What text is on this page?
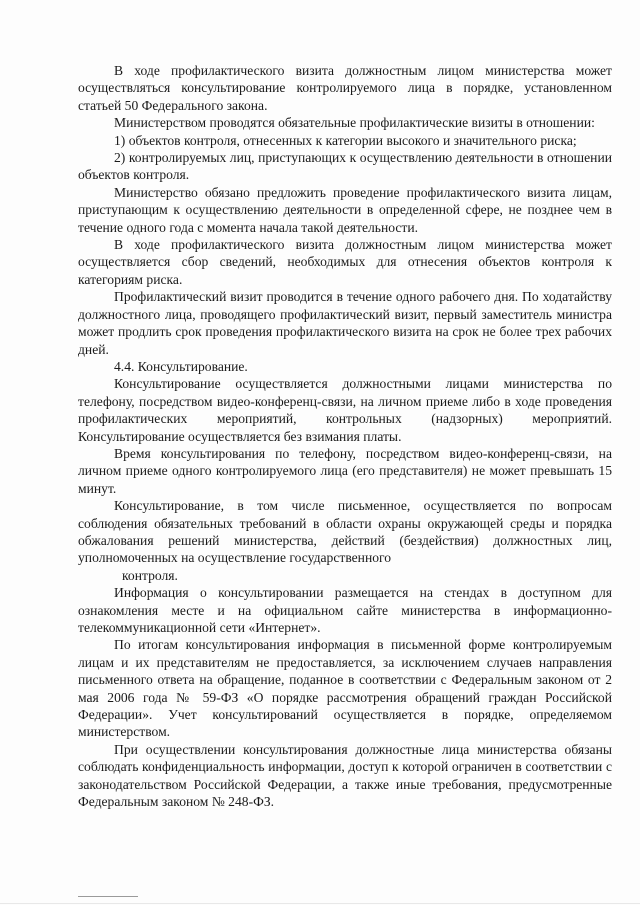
В ходе профилактического визита должностным лицом министерства может осуществляться консультирование контролируемого лица в порядке, установленном статьей 50 Федерального закона.

Министерством проводятся обязательные профилактические визиты в отношении:

1) объектов контроля, отнесенных к категории высокого и значительного риска;

2) контролируемых лиц, приступающих к осуществлению деятельности в отношении объектов контроля.

Министерство обязано предложить проведение профилактического визита лицам, приступающим к осуществлению деятельности в определенной сфере, не позднее чем в течение одного года с момента начала такой деятельности.

В ходе профилактического визита должностным лицом министерства может осуществляется сбор сведений, необходимых для отнесения объектов контроля к категориям риска.

Профилактический визит проводится в течение одного рабочего дня. По ходатайству должностного лица, проводящего профилактический визит, первый заместитель министра может продлить срок проведения профилактического визита на срок не более трех рабочих дней.

4.4. Консультирование.

Консультирование осуществляется должностными лицами министерства по телефону, посредством видео-конференц-связи, на личном приеме либо в ходе проведения профилактических мероприятий, контрольных (надзорных) мероприятий. Консультирование осуществляется без взимания платы.

Время консультирования по телефону, посредством видео-конференц-связи, на личном приеме одного контролируемого лица (его представителя) не может превышать 15 минут.

Консультирование, в том числе письменное, осуществляется по вопросам соблюдения обязательных требований в области охраны окружающей среды и порядка обжалования решений министерства, действий (бездействия) должностных лиц, уполномоченных на осуществление государственного

контроля.

Информация о консультировании размещается на стендах в доступном для ознакомления месте и на официальном сайте министерства в информационно-телекоммуникационной сети «Интернет».

По итогам консультирования информация в письменной форме контролируемым лицам и их представителям не предоставляется, за исключением случаев направления письменного ответа на обращение, поданное в соответствии с Федеральным законом от 2 мая 2006 года № 59-ФЗ «О порядке рассмотрения обращений граждан Российской Федерации». Учет консультирований осуществляется в порядке, определяемом министерством.

При осуществлении консультирования должностные лица министерства обязаны соблюдать конфиденциальность информации, доступ к которой ограничен в соответствии с законодательством Российской Федерации, а также иные требования, предусмотренные Федеральным законом № 248-ФЗ.
